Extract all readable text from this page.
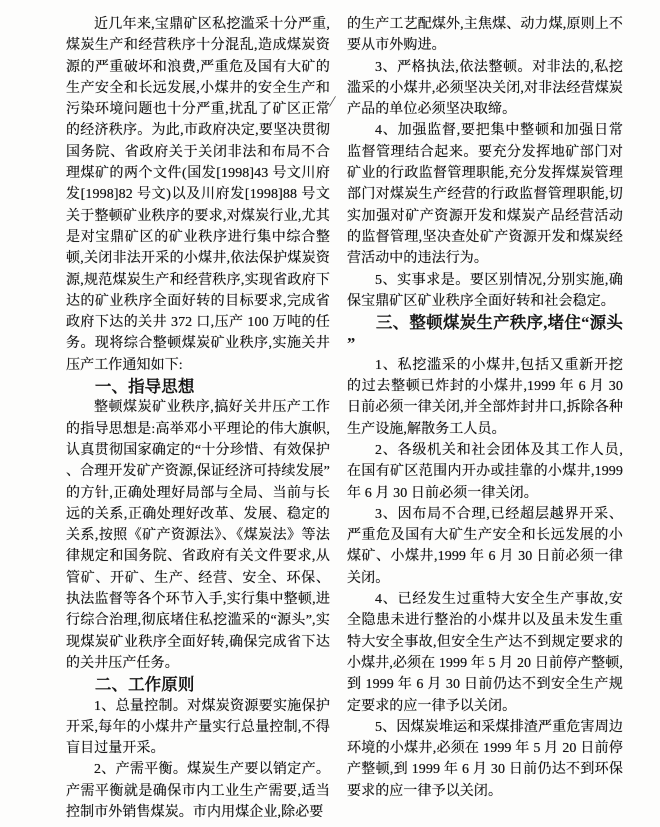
近几年来,宝鼎矿区私挖滥采十分严重,煤炭生产和经营秩序十分混乱,造成煤炭资源的严重破坏和浪费,严重危及国有大矿的生产安全和长远发展,小煤井的安全生产和污染环境问题也十分严重,扰乱了矿区正常的经济秩序。为此,市政府决定,要坚决贯彻国务院、省政府关于关闭非法和布局不合理煤矿的两个文件(国发[1998]43 号文川府发[1998]82 号文)以及川府发[1998]88 号文关于整顿矿业秩序的要求,对煤炭行业,尤其是对宝鼎矿区的矿业秩序进行集中综合整顿,关闭非法开采的小煤井,依法保护煤炭资源,规范煤炭生产和经营秩序,实现省政府下达的矿业秩序全面好转的目标要求,完成省政府下达的关井 372 口,压产 100 万吨的任务。现将综合整顿煤炭矿业秩序,实施关井压产工作通知如下:

一、指导思想

整顿煤炭矿业秩序,搞好关井压产工作的指导思想是:高举邓小平理论的伟大旗帜,认真贯彻国家确定的“十分珍惜、有效保护、合理开发矿产资源,保证经济可持续发展”的方针,正确处理好局部与全局、当前与长远的关系,正确处理好改革、发展、稳定的关系,按照《矿产资源法》、《煤炭法》等法律规定和国务院、省政府有关文件要求,从管矿、开矿、生产、经营、安全、环保、执法监督等各个环节入手,实行集中整顿,进行综合治理,彻底堵住私挖滥采的“源头”,实现煤炭矿业秩序全面好转,确保完成省下达的关井压产任务。

二、工作原则

1、总量控制。对煤炭资源要实施保护开采,每年的小煤井产量实行总量控制,不得盲目过量开采。

2、产需平衡。煤炭生产要以销定产。产需平衡就是确保市内工业生产需要,适当控制市外销售煤炭。市内用煤企业,除必要

的生产工艺配煤外,主焦煤、动力煤,原则上不要从市外购进。

3、严格执法,依法整顿。对非法的,私挖滥采的小煤井,必须坚决关闭,对非法经营煤炭产品的单位必须坚决取缔。

4、加强监督,要把集中整顿和加强日常监督管理结合起来。要充分发挥地矿部门对矿业的行政监督管理职能,充分发挥煤炭管理部门对煤炭生产经营的行政监督管理职能,切实加强对矿产资源开发和煤炭产品经营活动的监督管理,坚决查处矿产资源开发和煤炭经营活动中的违法行为。

5、实事求是。要区别情况,分别实施,确保宝鼎矿区矿业秩序全面好转和社会稳定。

三、整顿煤炭生产秩序,堵住“源头”

1、私挖滥采的小煤井,包括又重新开挖的过去整顿已炸封的小煤井,1999 年 6 月 30 日前必须一律关闭,并全部炸封井口,拆除各种生产设施,解散务工人员。

2、各级机关和社会团体及其工作人员,在国有矿区范围内开办或挂靠的小煤井,1999 年 6 月 30 日前必须一律关闭。

3、因布局不合理,已经超层越界开采、严重危及国有大矿生产安全和长远发展的小煤矿、小煤井,1999 年 6 月 30 日前必须一律关闭。

4、已经发生过重特大安全生产事故,安全隐患未进行整治的小煤井以及虽未发生重特大安全事故,但安全生产达不到规定要求的小煤井,必须在 1999 年 5 月 20 日前停产整顿,到 1999 年 6 月 30 日前仍达不到安全生产规定要求的应一律予以关闭。

5、因煤炭堆运和采煤排渣严重危害周边环境的小煤井,必须在 1999 年 5 月 20 日前停产整顿,到 1999 年 6 月 30 日前仍达不到环保要求的应一律予以关闭。

/
